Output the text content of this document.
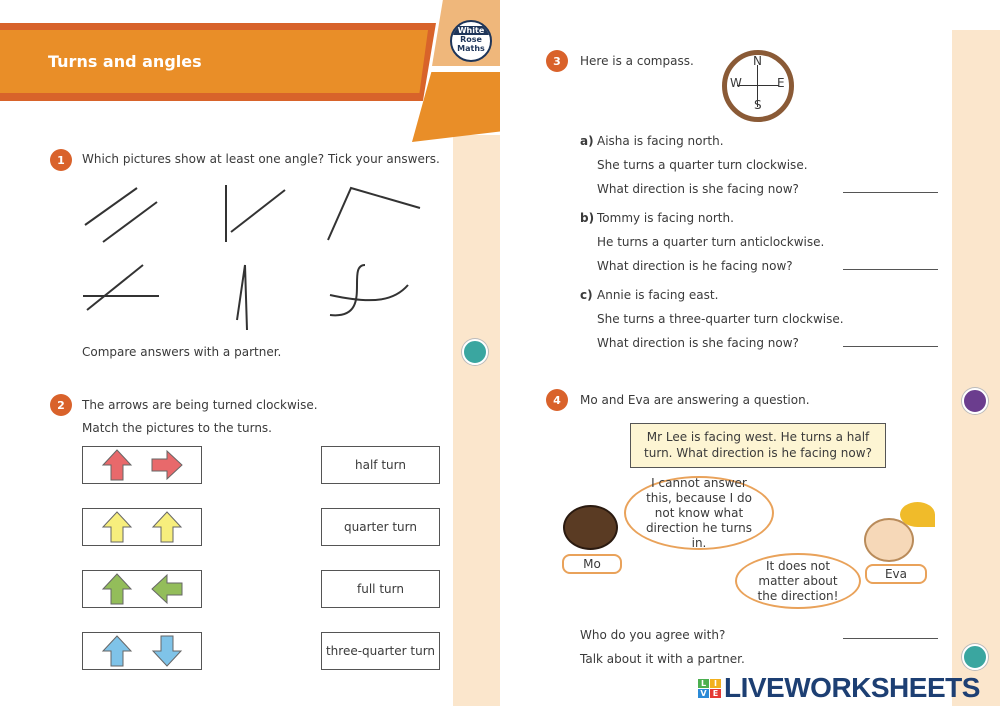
Turns and angles
White
Rose
Maths
1	Which pictures show at least one angle? Tick your answers.
Compare answers with a partner.
2	The arrows are being turned clockwise.
Match the pictures to the turns.
half turn
quarter turn
full turn
three-quarter turn
3	Here is a compass.	N
E
S
W
a) Aisha is facing north.
She turns a quarter turn clockwise.
What direction is she facing now?
b) Tommy is facing north.
He turns a quarter turn anticlockwise.
What direction is he facing now?
c) Annie is facing east.
She turns a three-quarter turn clockwise.
What direction is she facing now?
4	Mo and Eva are answering a question.
Mr Lee is facing west. He turns a half turn. What direction is he facing now?
Mo
I cannot answer this, because I do not know what direction he turns in.
Eva
It does not matter about the direction!
Who do you agree with?
Talk about it with a partner.
L I
V E LIVEWORKSHEETS
